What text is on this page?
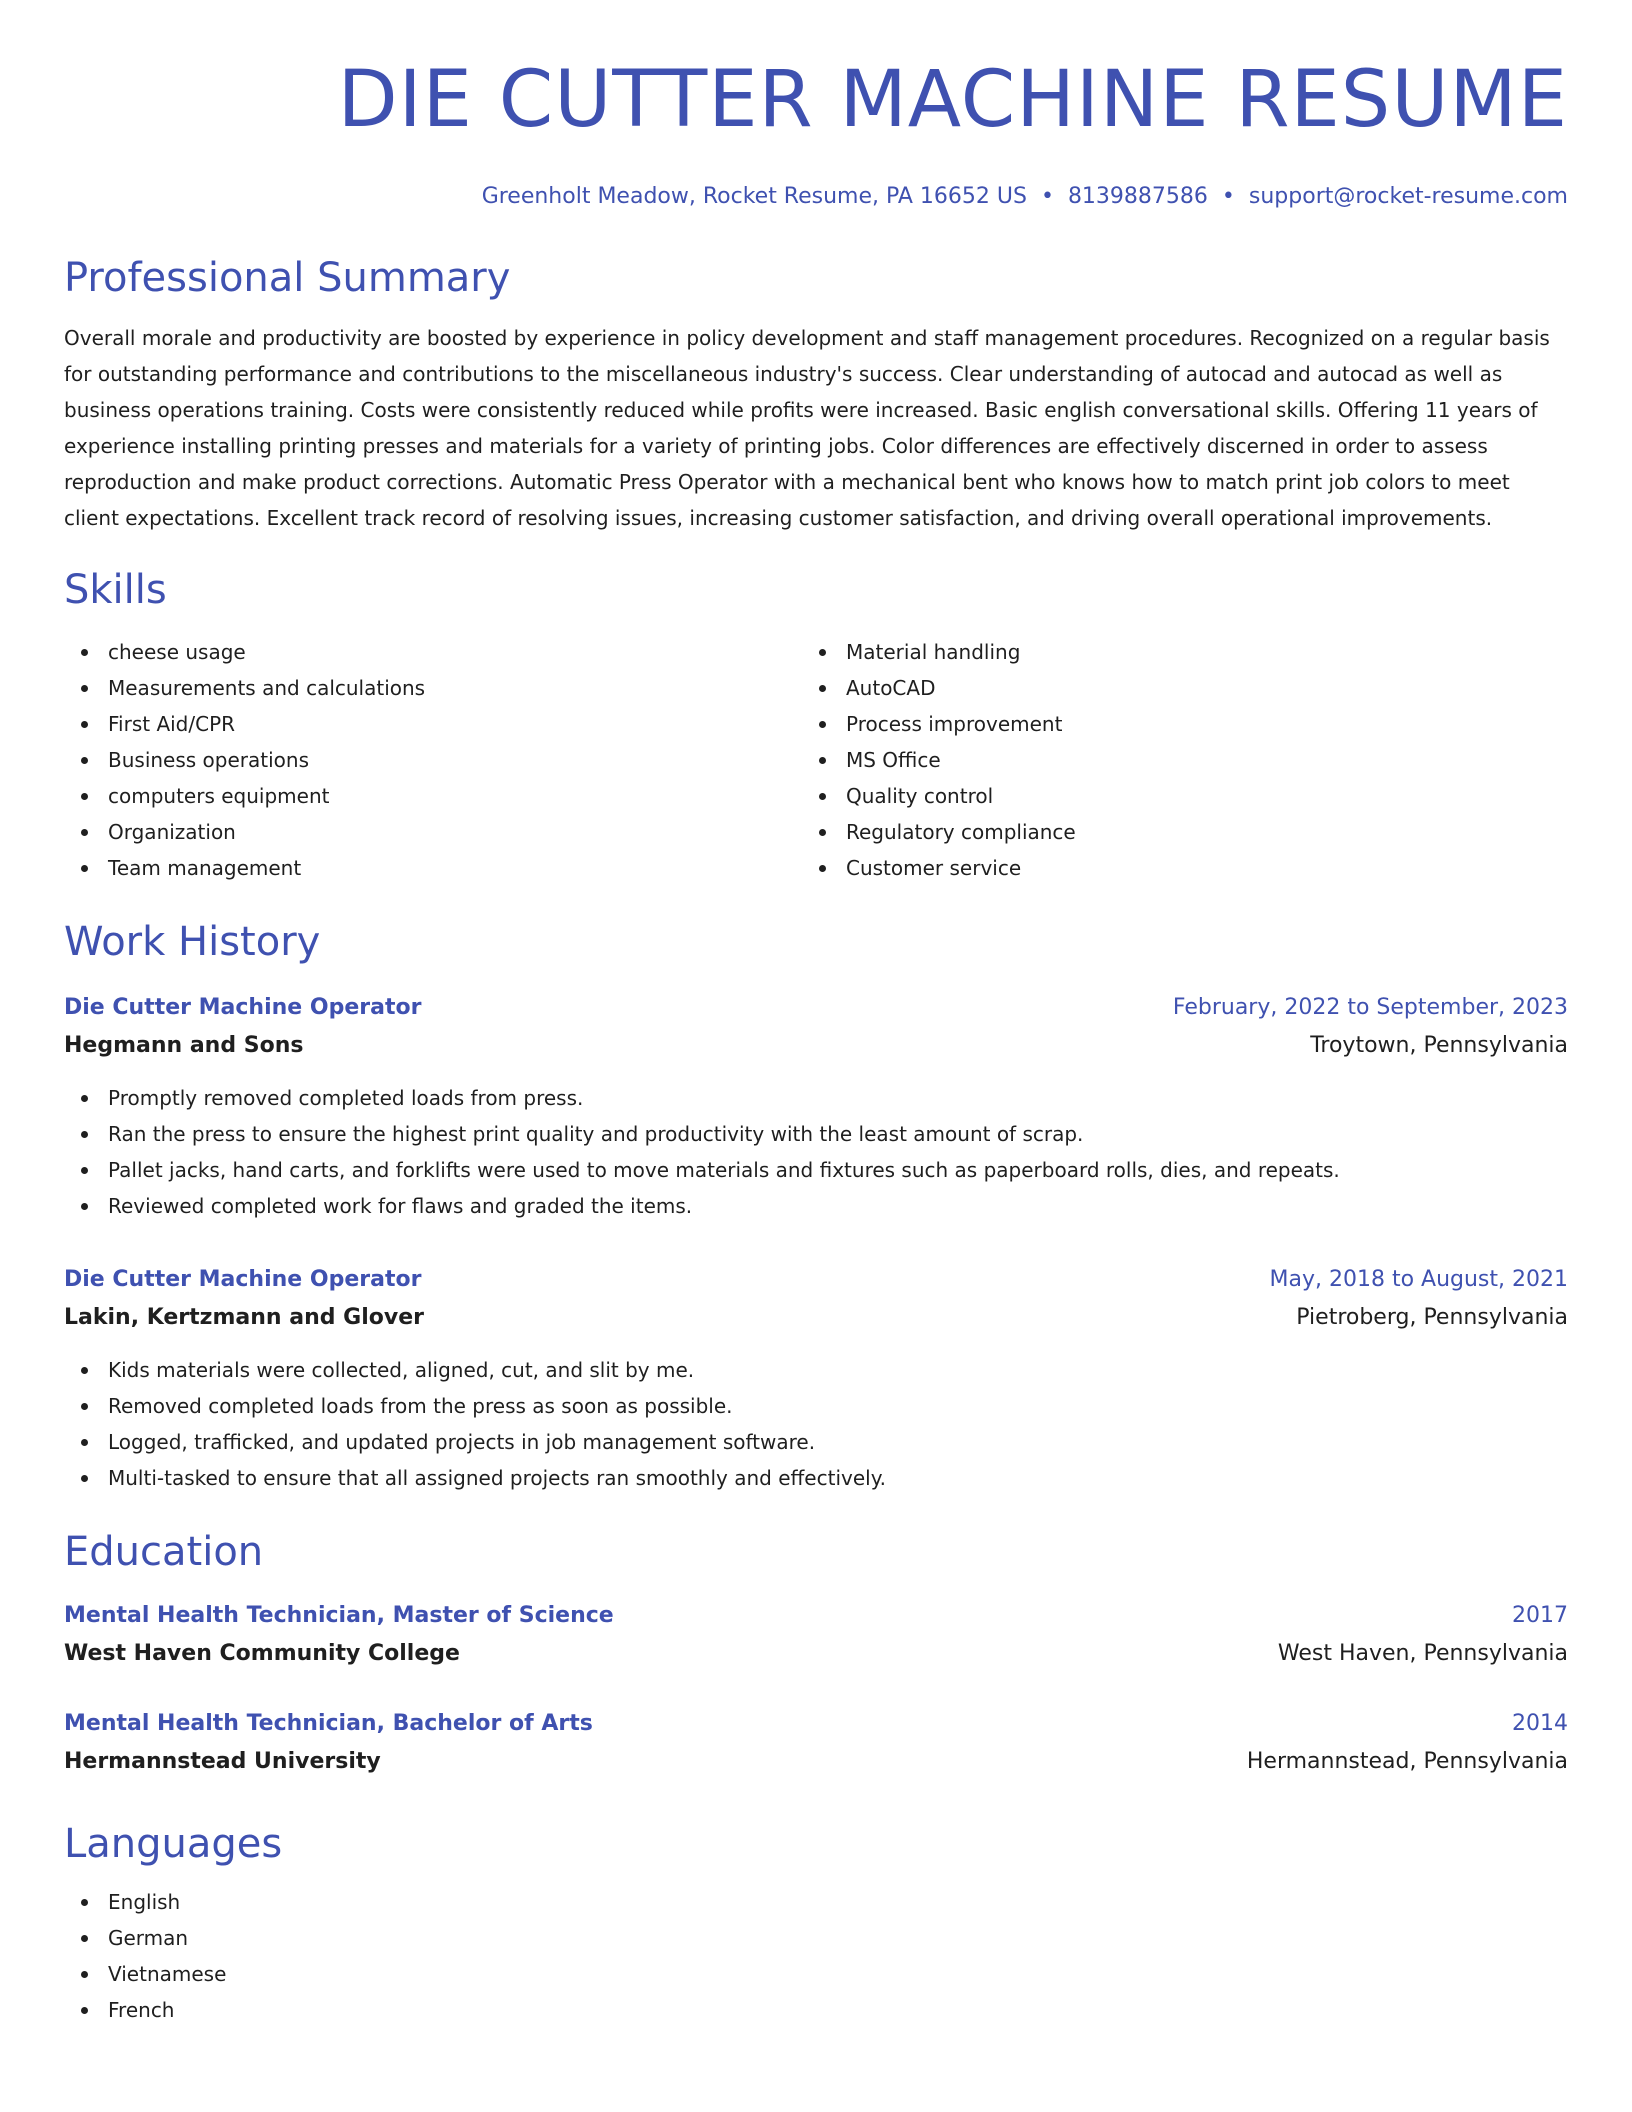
DIE CUTTER MACHINE RESUME
Greenholt Meadow, Rocket Resume, PA 16652 US • 8139887586 • support@rocket-resume.com
Professional Summary
Overall morale and productivity are boosted by experience in policy development and staff management procedures. Recognized on a regular basis for outstanding performance and contributions to the miscellaneous industry's success. Clear understanding of autocad and autocad as well as business operations training. Costs were consistently reduced while profits were increased. Basic english conversational skills. Offering 11 years of experience installing printing presses and materials for a variety of printing jobs. Color differences are effectively discerned in order to assess reproduction and make product corrections. Automatic Press Operator with a mechanical bent who knows how to match print job colors to meet client expectations. Excellent track record of resolving issues, increasing customer satisfaction, and driving overall operational improvements.
Skills
cheese usage
Measurements and calculations
First Aid/CPR
Business operations
computers equipment
Organization
Team management
Material handling
AutoCAD
Process improvement
MS Office
Quality control
Regulatory compliance
Customer service
Work History
Die Cutter Machine Operator	February, 2022 to September, 2023
Hegmann and Sons	Troytown, Pennsylvania
Promptly removed completed loads from press.
Ran the press to ensure the highest print quality and productivity with the least amount of scrap.
Pallet jacks, hand carts, and forklifts were used to move materials and fixtures such as paperboard rolls, dies, and repeats.
Reviewed completed work for flaws and graded the items.
Die Cutter Machine Operator	May, 2018 to August, 2021
Lakin, Kertzmann and Glover	Pietroberg, Pennsylvania
Kids materials were collected, aligned, cut, and slit by me.
Removed completed loads from the press as soon as possible.
Logged, trafficked, and updated projects in job management software.
Multi-tasked to ensure that all assigned projects ran smoothly and effectively.
Education
Mental Health Technician, Master of Science	2017
West Haven Community College	West Haven, Pennsylvania
Mental Health Technician, Bachelor of Arts	2014
Hermannstead University	Hermannstead, Pennsylvania
Languages
English
German
Vietnamese
French
